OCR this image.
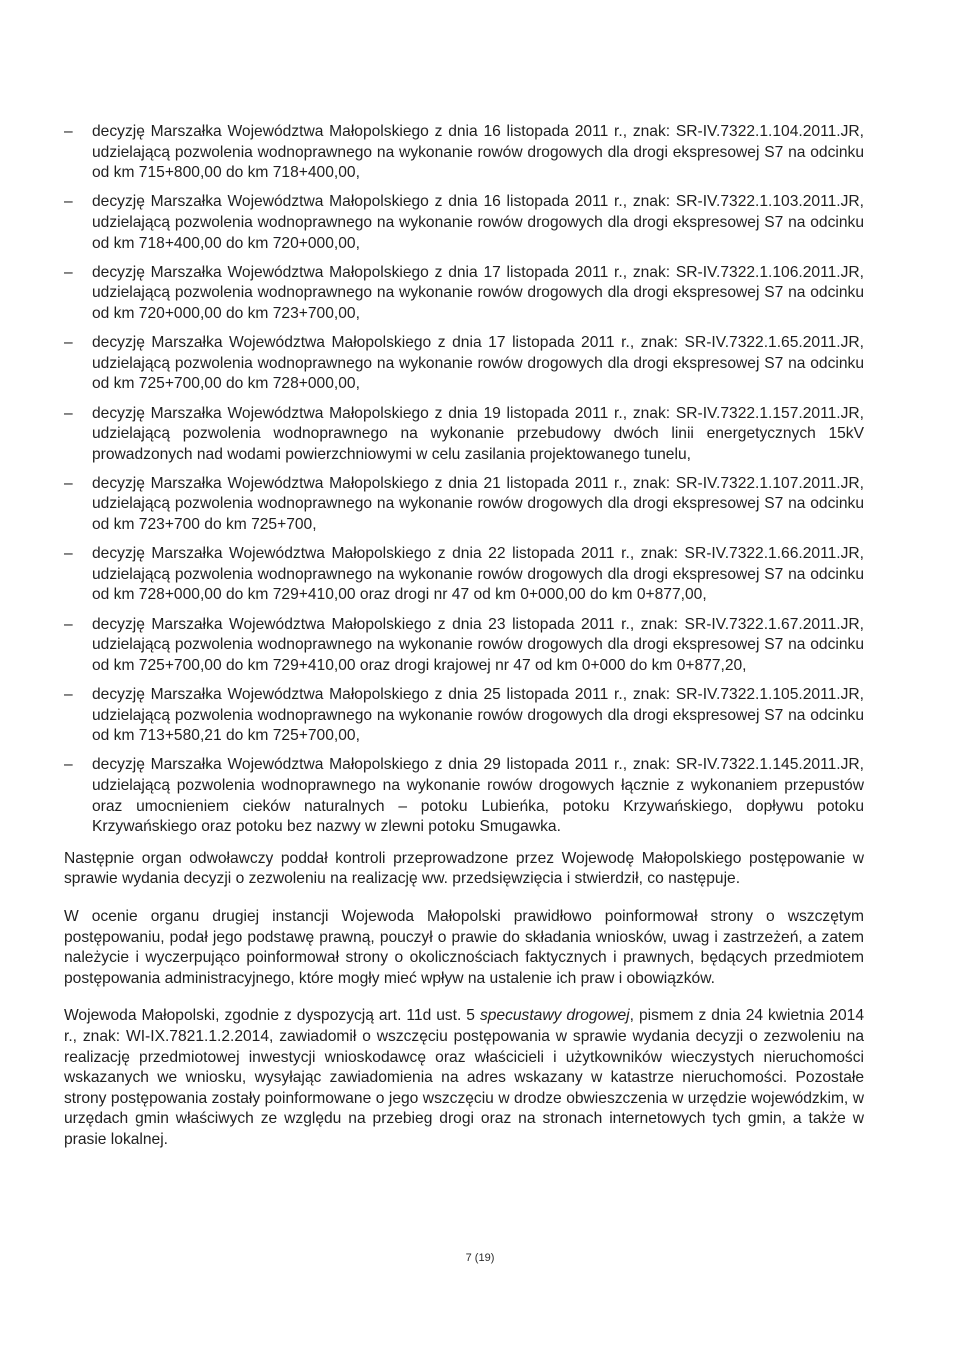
–	decyzję Marszałka Województwa Małopolskiego z dnia 16 listopada 2011 r., znak: SR-IV.7322.1.104.2011.JR, udzielającą pozwolenia wodnoprawnego na wykonanie rowów drogowych dla drogi ekspresowej S7 na odcinku od km 715+800,00 do km 718+400,00,
–	decyzję Marszałka Województwa Małopolskiego z dnia 16 listopada 2011 r., znak: SR-IV.7322.1.103.2011.JR, udzielającą pozwolenia wodnoprawnego na wykonanie rowów drogowych dla drogi ekspresowej S7 na odcinku od km 718+400,00 do km 720+000,00,
–	decyzję Marszałka Województwa Małopolskiego z dnia 17 listopada 2011 r., znak: SR-IV.7322.1.106.2011.JR, udzielającą pozwolenia wodnoprawnego na wykonanie rowów drogowych dla drogi ekspresowej S7 na odcinku od km 720+000,00 do km 723+700,00,
–	decyzję Marszałka Województwa Małopolskiego z dnia 17 listopada 2011 r., znak: SR-IV.7322.1.65.2011.JR, udzielającą pozwolenia wodnoprawnego na wykonanie rowów drogowych dla drogi ekspresowej S7 na odcinku od km 725+700,00 do km 728+000,00,
–	decyzję Marszałka Województwa Małopolskiego z dnia 19 listopada 2011 r., znak: SR-IV.7322.1.157.2011.JR, udzielającą pozwolenia wodnoprawnego na wykonanie przebudowy dwóch linii energetycznych 15kV prowadzonych nad wodami powierzchniowymi w celu zasilania projektowanego tunelu,
–	decyzję Marszałka Województwa Małopolskiego z dnia 21 listopada 2011 r., znak: SR-IV.7322.1.107.2011.JR, udzielającą pozwolenia wodnoprawnego na wykonanie rowów drogowych dla drogi ekspresowej S7 na odcinku od km 723+700 do km 725+700,
–	decyzję Marszałka Województwa Małopolskiego z dnia 22 listopada 2011 r., znak: SR-IV.7322.1.66.2011.JR, udzielającą pozwolenia wodnoprawnego na wykonanie rowów drogowych dla drogi ekspresowej S7 na odcinku od km 728+000,00 do km 729+410,00 oraz drogi nr 47 od km 0+000,00 do km 0+877,00,
–	decyzję Marszałka Województwa Małopolskiego z dnia 23 listopada 2011 r., znak: SR-IV.7322.1.67.2011.JR, udzielającą pozwolenia wodnoprawnego na wykonanie rowów drogowych dla drogi ekspresowej S7 na odcinku od km 725+700,00 do km 729+410,00 oraz drogi krajowej nr 47 od km 0+000 do km 0+877,20,
–	decyzję Marszałka Województwa Małopolskiego z dnia 25 listopada 2011 r., znak: SR-IV.7322.1.105.2011.JR, udzielającą pozwolenia wodnoprawnego na wykonanie rowów drogowych dla drogi ekspresowej S7 na odcinku od km 713+580,21 do km 725+700,00,
–	decyzję Marszałka Województwa Małopolskiego z dnia 29 listopada 2011 r., znak: SR-IV.7322.1.145.2011.JR, udzielającą pozwolenia wodnoprawnego na wykonanie rowów drogowych łącznie z wykonaniem przepustów oraz umocnieniem cieków naturalnych – potoku Lubieńka, potoku Krzywańskiego, dopływu potoku Krzywańskiego oraz potoku bez nazwy w zlewni potoku Smugawka.

Następnie organ odwoławczy poddał kontroli przeprowadzone przez Wojewodę Małopolskiego postępowanie w sprawie wydania decyzji o zezwoleniu na realizację ww. przedsięwzięcia i stwierdził, co następuje.

W ocenie organu drugiej instancji Wojewoda Małopolski prawidłowo poinformował strony o wszczętym postępowaniu, podał jego podstawę prawną, pouczył o prawie do składania wniosków, uwag i zastrzeżeń, a zatem należycie i wyczerpująco poinformował strony o okolicznościach faktycznych i prawnych, będących przedmiotem postępowania administracyjnego, które mogły mieć wpływ na ustalenie ich praw i obowiązków.

Wojewoda Małopolski, zgodnie z dyspozycją art. 11d ust. 5 specustawy drogowej, pismem z dnia 24 kwietnia 2014 r., znak: WI-IX.7821.1.2.2014, zawiadomił o wszczęciu postępowania w sprawie wydania decyzji o zezwoleniu na realizację przedmiotowej inwestycji wnioskodawcę oraz właścicieli i użytkowników wieczystych nieruchomości wskazanych we wniosku, wysyłając zawiadomienia na adres wskazany w katastrze nieruchomości. Pozostałe strony postępowania zostały poinformowane o jego wszczęciu w drodze obwieszczenia w urzędzie wojewódzkim, w urzędach gmin właściwych ze względu na przebieg drogi oraz na stronach internetowych tych gmin, a także w prasie lokalnej.

7 (19)
